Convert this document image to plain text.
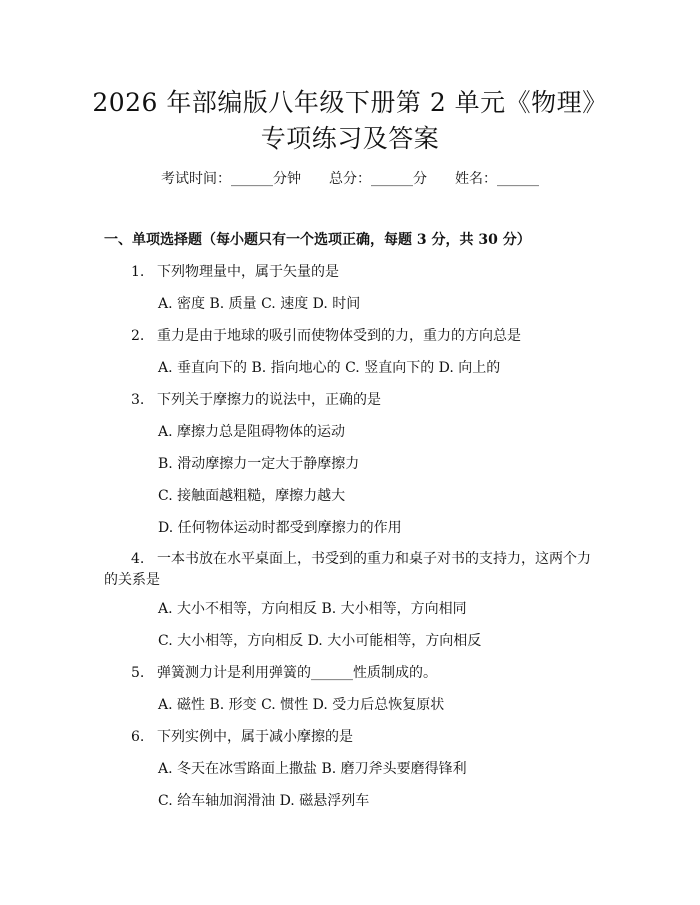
2026 年部编版八年级下册第 2 单元《物理》
专项练习及答案
考试时间：______分钟 总分：______分 姓名：______
一、单项选择题（每小题只有一个选项正确，每题 3 分，共 30 分）
1. 下列物理量中，属于矢量的是
A. 密度 B. 质量 C. 速度 D. 时间
2. 重力是由于地球的吸引而使物体受到的力，重力的方向总是
A. 垂直向下的 B. 指向地心的 C. 竖直向下的 D. 向上的
3. 下列关于摩擦力的说法中，正确的是
A. 摩擦力总是阻碍物体的运动
B. 滑动摩擦力一定大于静摩擦力
C. 接触面越粗糙，摩擦力越大
D. 任何物体运动时都受到摩擦力的作用
4. 一本书放在水平桌面上，书受到的重力和桌子对书的支持力，这两个力的关系是
A. 大小不相等，方向相反 B. 大小相等，方向相同
C. 大小相等，方向相反 D. 大小可能相等，方向相反
5. 弹簧测力计是利用弹簧的______性质制成的。
A. 磁性 B. 形变 C. 惯性 D. 受力后总恢复原状
6. 下列实例中，属于减小摩擦的是
A. 冬天在冰雪路面上撒盐 B. 磨刀斧头要磨得锋利
C. 给车轴加润滑油 D. 磁悬浮列车
